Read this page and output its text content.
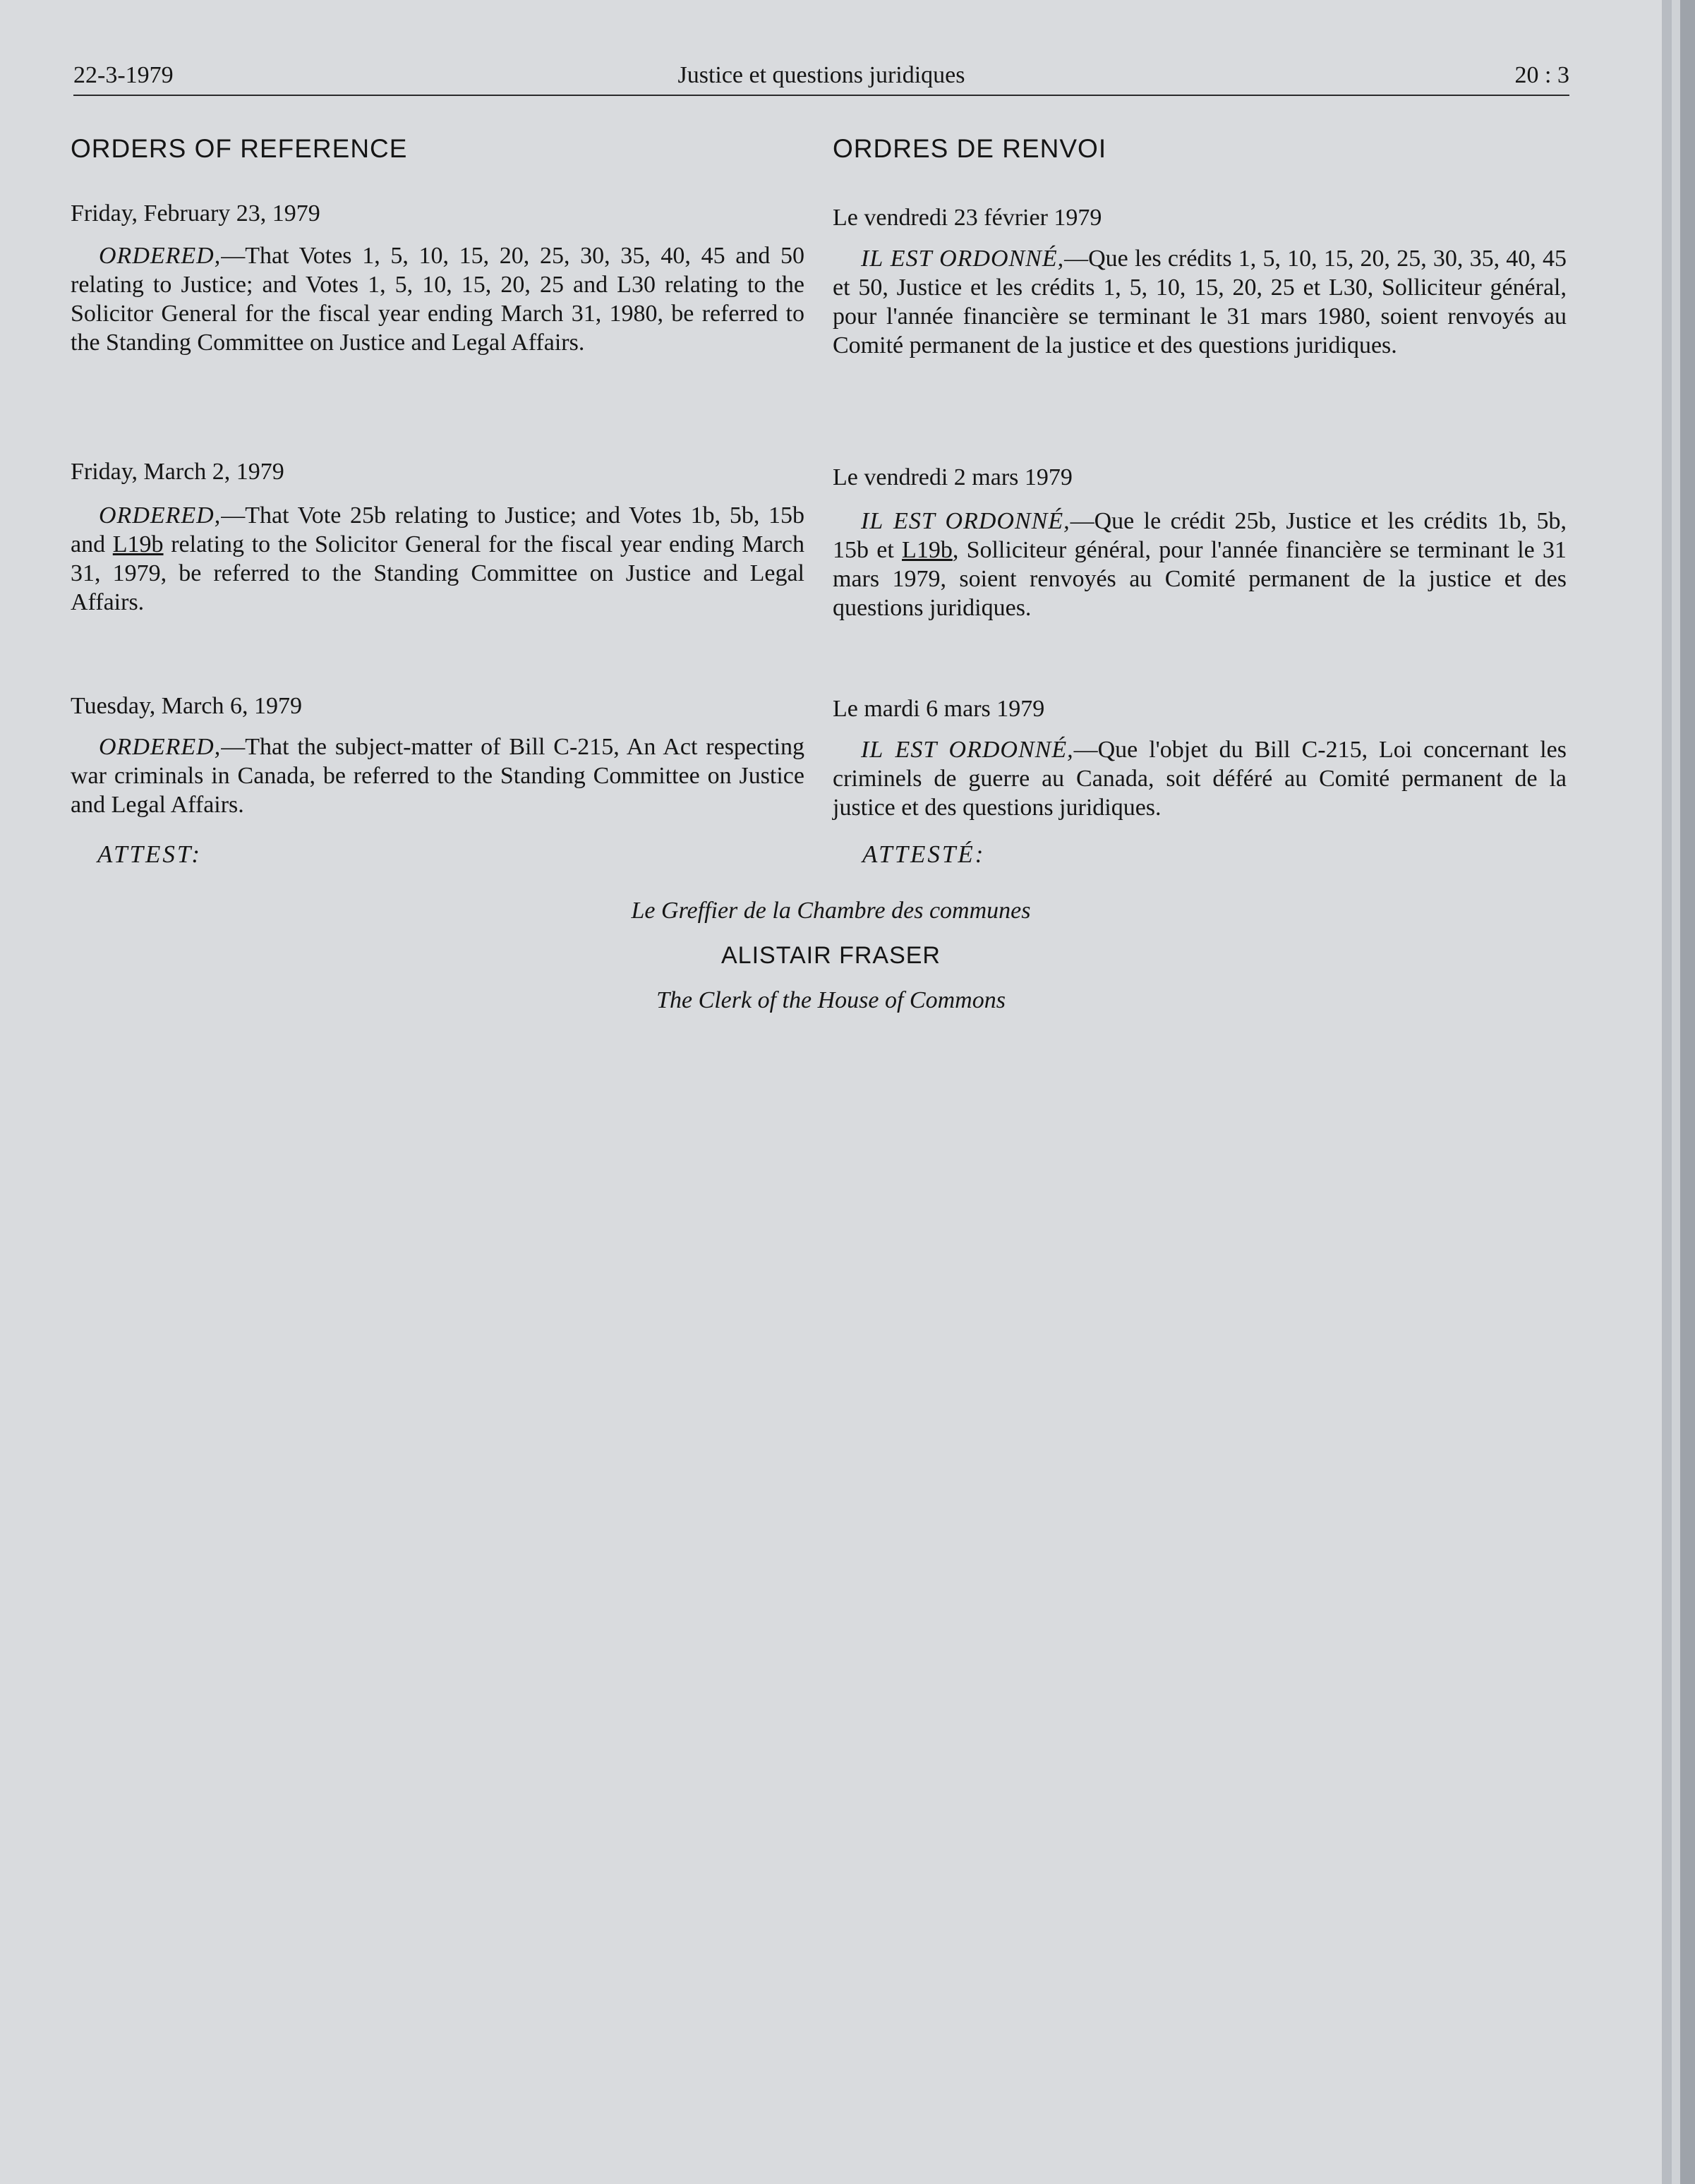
22-3-1979	Justice et questions juridiques	20 : 3
ORDERS OF REFERENCE
Friday, February 23, 1979

ORDERED,—That Votes 1, 5, 10, 15, 20, 25, 30, 35, 40, 45 and 50 relating to Justice; and Votes 1, 5, 10, 15, 20, 25 and L30 relating to the Solicitor General for the fiscal year ending March 31, 1980, be referred to the Standing Committee on Justice and Legal Affairs.

Friday, March 2, 1979

ORDERED,—That Vote 25b relating to Justice; and Votes 1b, 5b, 15b and L19b relating to the Solicitor General for the fiscal year ending March 31, 1979, be referred to the Standing Committee on Justice and Legal Affairs.

Tuesday, March 6, 1979

ORDERED,—That the subject-matter of Bill C-215, An Act respecting war criminals in Canada, be referred to the Standing Committee on Justice and Legal Affairs.

ATTEST:
ORDRES DE RENVOI
Le vendredi 23 février 1979

IL EST ORDONNÉ,—Que les crédits 1, 5, 10, 15, 20, 25, 30, 35, 40, 45 et 50, Justice et les crédits 1, 5, 10, 15, 20, 25 et L30, Solliciteur général, pour l'année financière se terminant le 31 mars 1980, soient renvoyés au Comité permanent de la justice et des questions juridiques.

Le vendredi 2 mars 1979

IL EST ORDONNÉ,—Que le crédit 25b, Justice et les crédits 1b, 5b, 15b et L19b, Solliciteur général, pour l'année financière se terminant le 31 mars 1979, soient renvoyés au Comité permanent de la justice et des questions juridiques.

Le mardi 6 mars 1979

IL EST ORDONNÉ,—Que l'objet du Bill C-215, Loi concernant les criminels de guerre au Canada, soit déféré au Comité permanent de la justice et des questions juridiques.

ATTESTÉ:
Le Greffier de la Chambre des communes
ALISTAIR FRASER
The Clerk of the House of Commons
